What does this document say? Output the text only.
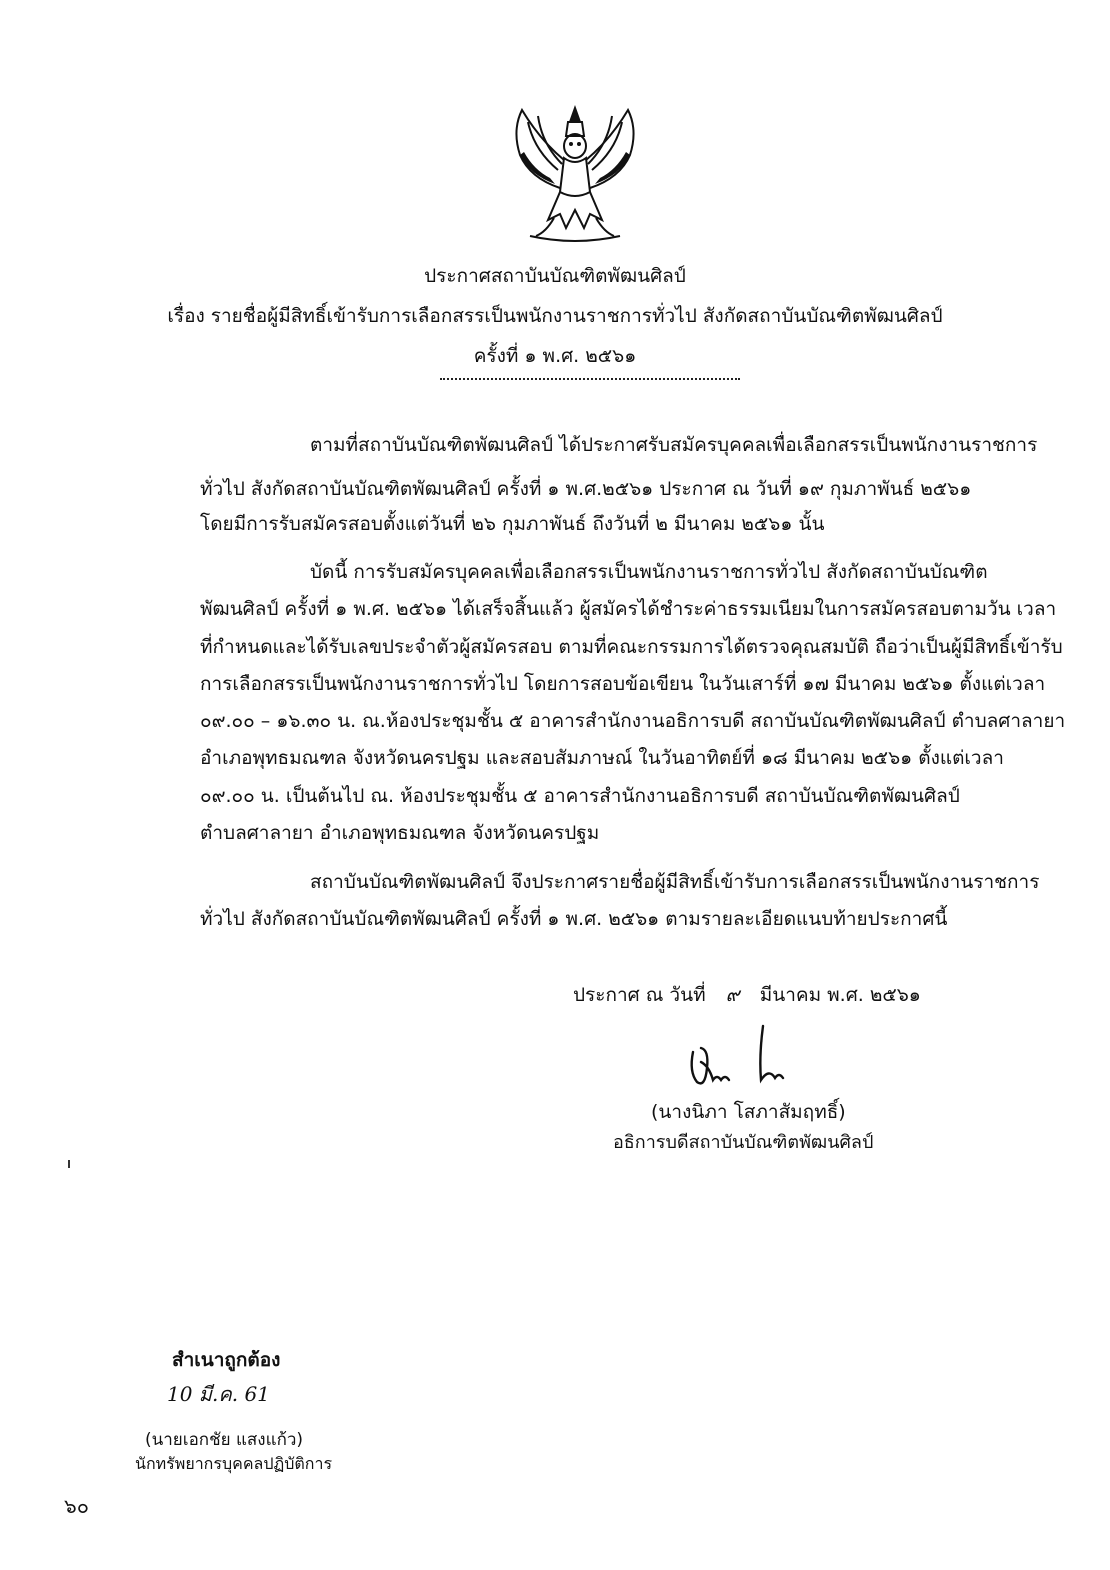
ประกาศสถาบันบัณฑิตพัฒนศิลป์
เรื่อง รายชื่อผู้มีสิทธิ์เข้ารับการเลือกสรรเป็นพนักงานราชการทั่วไป สังกัดสถาบันบัณฑิตพัฒนศิลป์
ครั้งที่ ๑ พ.ศ. ๒๕๖๑
ตามที่สถาบันบัณฑิตพัฒนศิลป์ ได้ประกาศรับสมัครบุคคลเพื่อเลือกสรรเป็นพนักงานราชการ
ทั่วไป สังกัดสถาบันบัณฑิตพัฒนศิลป์ ครั้งที่ ๑ พ.ศ.๒๕๖๑ ประกาศ ณ วันที่ ๑๙ กุมภาพันธ์ ๒๕๖๑
โดยมีการรับสมัครสอบตั้งแต่วันที่ ๒๖ กุมภาพันธ์ ถึงวันที่ ๒ มีนาคม ๒๕๖๑ นั้น
บัดนี้ การรับสมัครบุคคลเพื่อเลือกสรรเป็นพนักงานราชการทั่วไป สังกัดสถาบันบัณฑิต
พัฒนศิลป์ ครั้งที่ ๑ พ.ศ. ๒๕๖๑ ได้เสร็จสิ้นแล้ว ผู้สมัครได้ชำระค่าธรรมเนียมในการสมัครสอบตามวัน เวลา
ที่กำหนดและได้รับเลขประจำตัวผู้สมัครสอบ ตามที่คณะกรรมการได้ตรวจคุณสมบัติ ถือว่าเป็นผู้มีสิทธิ์เข้ารับ
การเลือกสรรเป็นพนักงานราชการทั่วไป โดยการสอบข้อเขียน ในวันเสาร์ที่ ๑๗ มีนาคม ๒๕๖๑ ตั้งแต่เวลา
๐๙.๐๐ – ๑๖.๓๐ น. ณ.ห้องประชุมชั้น ๕ อาคารสำนักงานอธิการบดี สถาบันบัณฑิตพัฒนศิลป์ ตำบลศาลายา
อำเภอพุทธมณฑล จังหวัดนครปฐม และสอบสัมภาษณ์ ในวันอาทิตย์ที่ ๑๘ มีนาคม ๒๕๖๑ ตั้งแต่เวลา
๐๙.๐๐ น. เป็นต้นไป ณ. ห้องประชุมชั้น ๕ อาคารสำนักงานอธิการบดี สถาบันบัณฑิตพัฒนศิลป์
ตำบลศาลายา อำเภอพุทธมณฑล จังหวัดนครปฐม
สถาบันบัณฑิตพัฒนศิลป์ จึงประกาศรายชื่อผู้มีสิทธิ์เข้ารับการเลือกสรรเป็นพนักงานราชการ
ทั่วไป สังกัดสถาบันบัณฑิตพัฒนศิลป์ ครั้งที่ ๑ พ.ศ. ๒๕๖๑ ตามรายละเอียดแนบท้ายประกาศนี้
ประกาศ ณ วันที่ ๙ มีนาคม พ.ศ. ๒๕๖๑
(นางนิภา โสภาสัมฤทธิ์)
อธิการบดีสถาบันบัณฑิตพัฒนศิลป์
สำเนาถูกต้อง
10 มี.ค. 61
(นายเอกชัย แสงแก้ว)
นักทรัพยากรบุคคลปฏิบัติการ
๖๐
